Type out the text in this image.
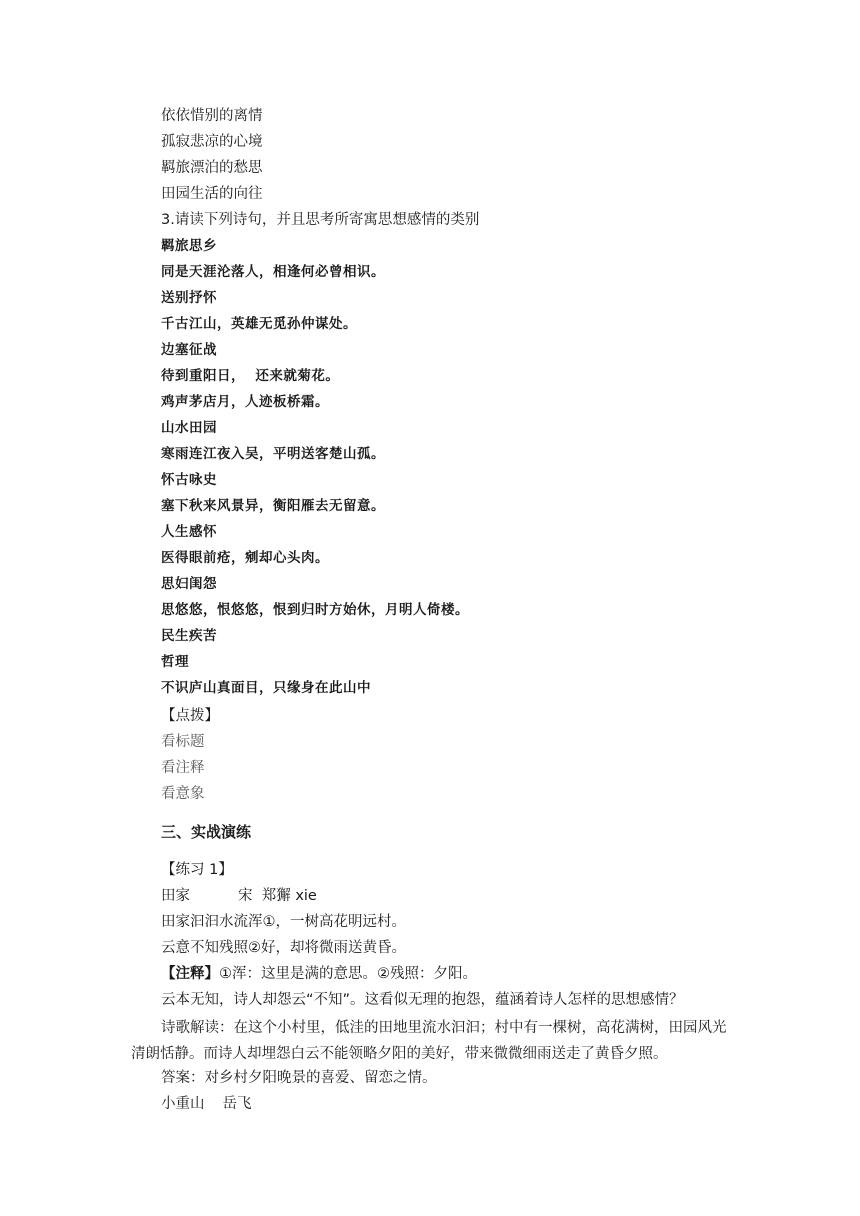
依依惜别的离情
孤寂悲凉的心境
羁旅漂泊的愁思
田园生活的向往
3.请读下列诗句，并且思考所寄寓思想感情的类别
羁旅思乡
同是天涯沦落人，相逢何必曾相识。
送别抒怀
千古江山，英雄无觅孙仲谋处。
边塞征战
待到重阳日，  还来就菊花。
鸡声茅店月，人迹板桥霜。
山水田园
寒雨连江夜入吴，平明送客楚山孤。
怀古咏史
塞下秋来风景异，衡阳雁去无留意。
人生感怀
医得眼前疮，剜却心头肉。
思妇闺怨
思悠悠，恨悠悠，恨到归时方始休，月明人倚楼。
民生疾苦
哲理
不识庐山真面目，只缘身在此山中
【点拨】
看标题
看注释
看意象
三、实战演练
【练习 1】
田家	宋  郑獬 xie
田家汩汩水流浑①，一树高花明远村。
云意不知残照②好，却将微雨送黄昏。
【注释】①浑：这里是满的意思。②残照：夕阳。
云本无知，诗人却怨云“不知”。这看似无理的抱怨，蕴涵着诗人怎样的思想感情？
诗歌解读：在这个小村里，低洼的田地里流水汩汩；村中有一棵树，高花满树，田园风光清朗恬静。而诗人却埋怨白云不能领略夕阳的美好，带来微微细雨送走了黄昏夕照。
答案：对乡村夕阳晚景的喜爱、留恋之情。
小重山 岳飞
